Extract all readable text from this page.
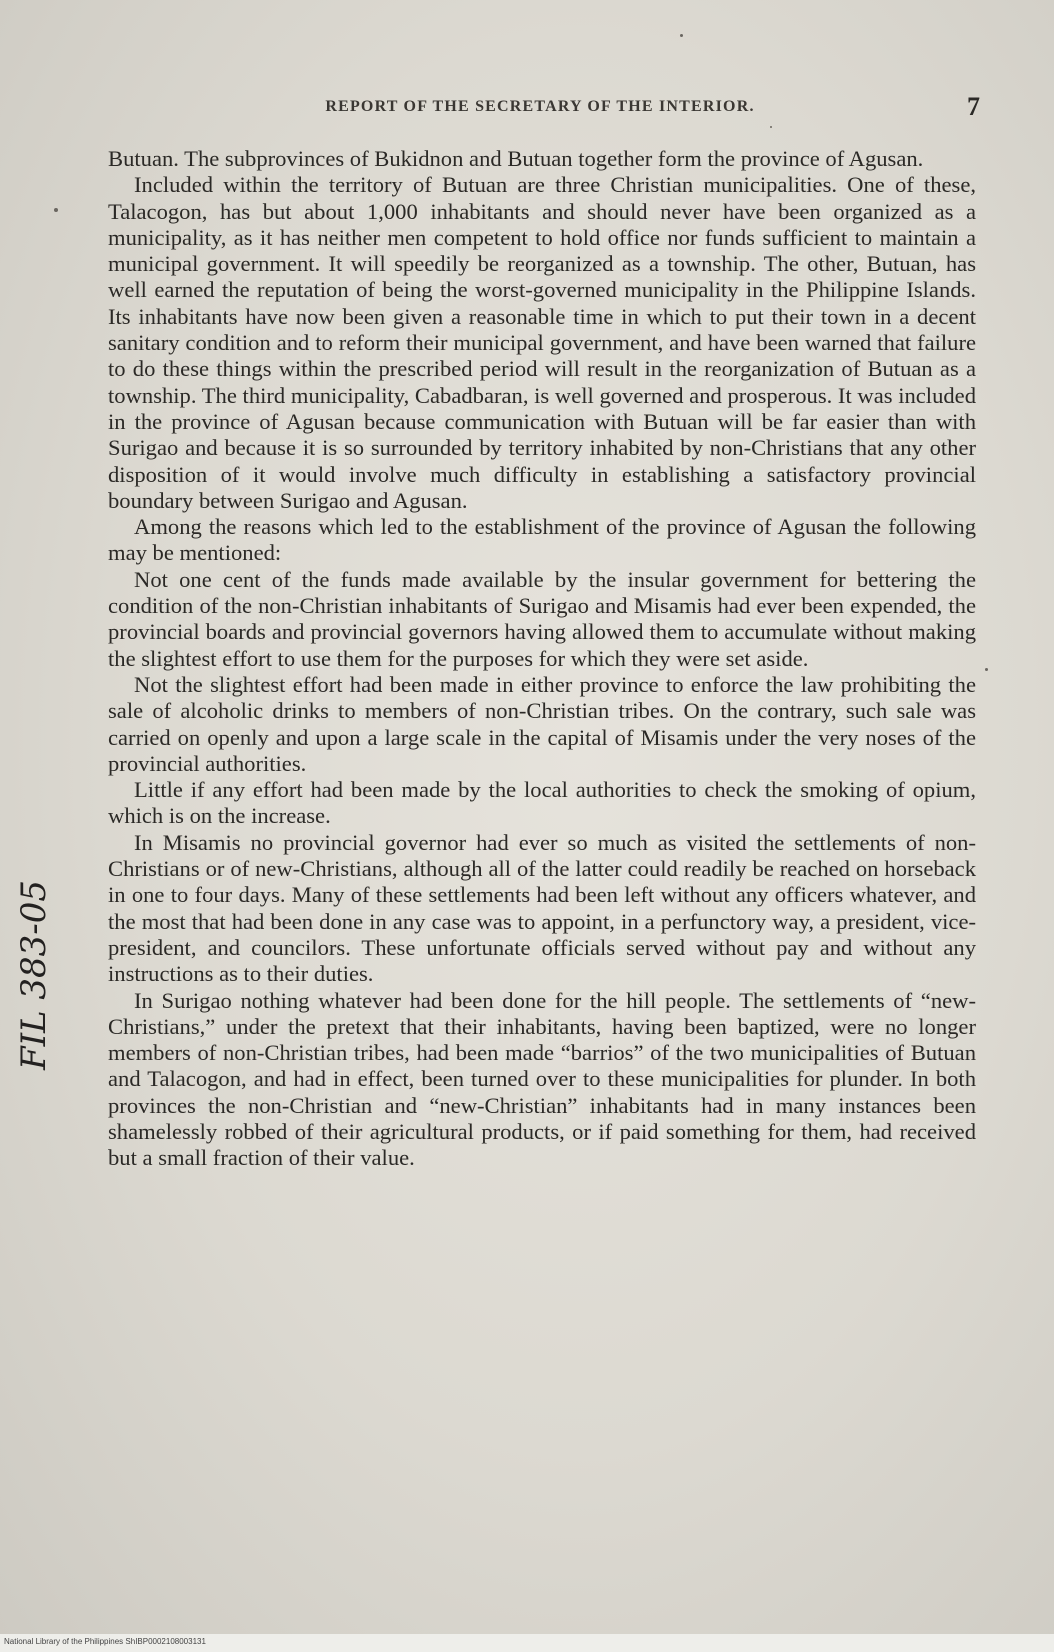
REPORT OF THE SECRETARY OF THE INTERIOR.	7

Butuan. The subprovinces of Bukidnon and Butuan together form the province of Agusan.

Included within the territory of Butuan are three Christian municipalities. One of these, Talacogon, has but about 1,000 inhabitants and should never have been organized as a municipality, as it has neither men competent to hold office nor funds sufficient to maintain a municipal government. It will speedily be reorganized as a township. The other, Butuan, has well earned the reputation of being the worst-governed municipality in the Philippine Islands. Its inhabitants have now been given a reasonable time in which to put their town in a decent sanitary condition and to reform their municipal government, and have been warned that failure to do these things within the prescribed period will result in the reorganization of Butuan as a township. The third municipality, Cabadbaran, is well governed and prosperous. It was included in the province of Agusan because communication with Butuan will be far easier than with Surigao and because it is so surrounded by territory inhabited by non-Christians that any other disposition of it would involve much difficulty in establishing a satisfactory provincial boundary between Surigao and Agusan.

Among the reasons which led to the establishment of the province of Agusan the following may be mentioned:

Not one cent of the funds made available by the insular government for bettering the condition of the non-Christian inhabitants of Surigao and Misamis had ever been expended, the provincial boards and provincial governors having allowed them to accumulate without making the slightest effort to use them for the purposes for which they were set aside.

Not the slightest effort had been made in either province to enforce the law prohibiting the sale of alcoholic drinks to members of non-Christian tribes. On the contrary, such sale was carried on openly and upon a large scale in the capital of Misamis under the very noses of the provincial authorities.

Little if any effort had been made by the local authorities to check the smoking of opium, which is on the increase.

In Misamis no provincial governor had ever so much as visited the settlements of non-Christians or of new-Christians, although all of the latter could readily be reached on horseback in one to four days. Many of these settlements had been left without any officers whatever, and the most that had been done in any case was to appoint, in a perfunctory way, a president, vice-president, and councilors. These unfortunate officials served without pay and without any instructions as to their duties.

In Surigao nothing whatever had been done for the hill people. The settlements of “new-Christians,” under the pretext that their inhabitants, having been baptized, were no longer members of non-Christian tribes, had been made “barrios” of the two municipalities of Butuan and Talacogon, and had in effect, been turned over to these municipalities for plunder. In both provinces the non-Christian and “new-Christian” inhabitants had in many instances been shamelessly robbed of their agricultural products, or if paid something for them, had received but a small fraction of their value.

FIL 383-05
National Library of the Philippines ShIBP0002108003131
